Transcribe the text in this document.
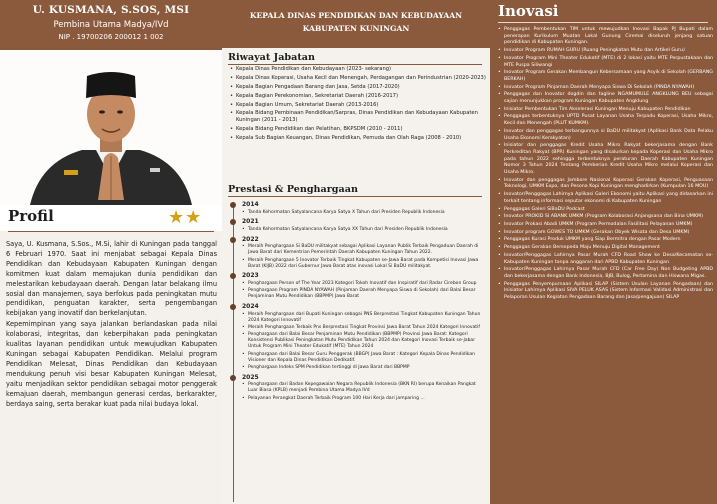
U. KUSMANA, S.SOS, MSI
Pembina Utama Madya/IVd
NIP . 19700206 200012 1 002
Profil	★★

Saya, U. Kusmana, S.Sos., M.Si, lahir di Kuningan pada tanggal 6 Februari 1970. Saat ini menjabat sebagai Kepala Dinas Pendidikan dan Kebudayaan Kabupaten Kuningan dengan komitmen kuat dalam memajukan dunia pendidikan dan melestarikan kebudayaan daerah. Dengan latar belakang ilmu sosial dan manajemen, saya berfokus pada peningkatan mutu pendidikan, penguatan karakter, serta pengembangan kebijakan yang inovatif dan berkelanjutan.

Kepemimpinan yang saya jalankan berlandaskan pada nilai kolaborasi, integritas, dan keberpihakan pada peningkatan kualitas layanan pendidikan untuk mewujudkan Kabupaten Kuningan sebagai Kabupaten Pendidikan. Melalui program Pendidikan Melesat, Dinas Pendidikan dan Kebudayaan mendukung penuh visi besar Kabupaten Kuningan Melesat, yaitu menjadikan sektor pendidikan sebagai motor penggerak kemajuan daerah, membangun generasi cerdas, berkarakter, berdaya saing, serta berakar kuat pada nilai budaya lokal.

KEPALA DINAS PENDIDIKAN DAN KEBUDAYAAN
KABUPATEN KUNINGAN
Riwayat Jabatan
• Kepala Dinas Pendidikan dan Kebudayaan (2023- sekarang)
• Kepala Dinas Koperasi, Usaha Kecil dan Menengah, Perdagangan dan Perindustrian (2020-2023)
• Kepala Bagian Pengadaan Barang dan Jasa, Setda (2017-2020)
• Kepala Bagian Perekonomian, Sekretariat Daerah (2016-2017)
• Kepala Bagian Umum, Sekretariat Daerah (2013-2016)
• Kepala Bidang Pembinaan Pendidikan/Sarpras, Dinas Pendidikan dan Kebudayaan Kabupaten Kuningan (2011 - 2013)
• Kepala Bidang Pendidikan dan Pelatihan, BKPSDM (2010 - 2011)
• Kepala Sub Bagian Keuangan, Dinas Pendidikan, Pemuda dan Olah Raga (2008 - 2010)
Prestasi & Penghargaan
2014
• Tanda Kehormatan Satyalancana Karya Satya X Tahun dari Presiden Republik Indonesia
2021
• Tanda Kehormatan Satyalancana Karya Satya XX Tahun dari Presiden Republik Indonesia
2022
• Meraih Penghargaan Si BaDU militakyat sebagai Aplikasi Layanan Publik Terbaik Pengaduan Daerah di Jawa Barat dari Kementrian Pemerintah Daerah Kabupaten Kuningan Tahun 2022.
• Meraih Penghargaan 5 Inovator Terbaik Tingkat Kabupaten se-Jawa Barat pada Kompetisi Inovasi Jawa Barat (KIJB) 2022 dari Gubernur Jawa Barat atas inovasi Lokal Si BaDU militakyat.
2023
• Penghargaan Person of The Year 2023 Kategori Tokoh Inovatif dan Inspiratif dari Radar Cirebon Group
• Penghargaan Program PINDA NYAWAH (Pinjaman Daerah Menyapa Siswa di Sekolah) dari Balai Besar Penjaminan Mutu Pendidikan (BBPMP) Jawa Barat
2024
• Meraih Penghargaan dari Bupati Kuningan sebagai PNS Berprestasi Tingkat Kabupaten Kuningan Tahun 2024 Kategori Innovatif
• Meraih Penghargaan Terbaik Pns Berprestasi Tingkat Provinsi Jawa Barat Tahun 2024 Kategori Innovatif
• Penghargaan dari Balai Besar Penjaminan Mutu Pendidikan (BBPMP) Provinsi Jawa Barat: Kategori Konsistensi Publikasi Peningkatan Mutu Pendidikan Tahun 2024 dan Kategori Inovasi Terbaik se-Jabar Untuk Program Mini Theater Edukatif (MTE) Tahun 2024
• Penghargaan dari Balai Besar Guru Penggerak (BBGP) Jawa Barat : Kategori Kepala Dinas Pendidikan Visioner dan Kepala Dinas Pendidikan Dedikatif.
• Penghargaan Indeks SPM Pendidikan tertinggi di Jawa Barat dari BBPMP
2025
• Penghargaan dari Badan Kepegawaian Negara Republik Indonesia (BKN RI) berupa Kenaikan Pangkat Luar Biasa (KPLB) menjadi Pembina Utama Madya IVd
• Pelayanan Perangkat Daerah Terbaik Program 100 Hari Kerja dari jamparing ...
Inovasi
• Penggagas Pembentukan TIM untuk mewujudkan Inovasi Bapak PJ Bupati dalam penerapan Kurikulum Muatan Lokal Gunung Ciremai diseluruh jenjang satuan pendidikan di Kabupaten Kuningan.
• Inovator Program RUMAH GURU (Ruang Peningkatan Mutu dan Artikel Guru)
• Inovator Program Mini Theater Edukatif (MTE) di 2 lokasi yaitu MTE Perpustakaan dan MTE Puspa Siliwangi
• Inovator Program Gerakan Membangun Kebersamaan yang Asyik di Sekolah (GERBANG BERKAH)
• Inovator Program Pinjaman Daerah Menyapa Siswa Di Sekolah (PINDA NYAWAH)
• Penggagas dan Inovator dogdin dan tagline NGAMUMULE ANGKLUNG BEU sebagai sajian menunjukkan program Kuningan Kabupaten Angklung
• Inisiator Pembentukan Tim Akselerasi Kuningan Menuju Kabupaten Pendidikan
• Penggagas terbentuknya UPTD Pusat Layanan Usaha Terpadu Koperasi, Usaha Mikro, Kecil dan Menengah (PLUT KUMKM).
• Inovator dan penggagas terbangunnya si BaDU militakyat (Aplikasi Bank Data Pelaku Usaha Ekonomi Kerakyatan)
• Inisiator dan penggagas Kredit Usaha Mikro Rakyat bekerjasama dengan Bank Perkreditan Rakyat (BPR) Kuningan yang disalurkan kepada Koperasi dan Usaha Mikro pada tahun 2022 sehingga terbentuknya peraturan Daerah Kabupaten Kuningan Nomor 3 Tahun 2024 Tentang Pemberian Kredit Usaha Mikro melalui Koperasi dan Usaha Mikro.
• Inovator dan penggagas Jambore Nasional Koperasi Gerakan Koperasi, Penguasaan Teknologi, UMKM Expo, dan Pesona Kopi Kuningan menghadirkan (Kumpulan 16 MOU)
• Inovator/Penggagas Lahirnya Aplikasi Galeri Ekonomi yaitu Aplikasi yang didasarkan ini terkait tentang informasi seputar ekonomi di Kabupaten Kuningan
• Penggagas Galeri SiBaDU Podcast
• Inovator PROKID SI ABANK UMKM (Program Kolaborasi Anjangsana dan Bina UMKM)
• Inovator Prokasi Abadi UMKM (Program Permodalan Fasilitasi Pelayanan UMKM)
• Inovator program GOWES TO UMKM (Gerakan Obyek Wisata dan Desa UMKM)
• Penggagas Kurasi Produk UMKM yang Siap Bermitra dengan Pasar Modern
• Penggagas Gerakan Bersepeda Maju Menuju Digital Management
• Inovator/Penggagas Lahirnya Pasar Murah CFD Road Show ke Desa/Kecamatan se-Kabupaten Kuningan tanpa anggaran dari APBD Kabupaten Kuningan
• Inovator/Penggagas Lahirnya Pasar Murah CFD (Car Free Day) Non Budgeting APBD dan bekerjasama dengan Bank Indonesia, BJB, Bulog, Pertamina dan Hiswana Migas.
• Penggagas Penyempurnaan Aplikasi SILAP (Sistem Usulan Layanan Pengadaan) dan Inisiator Lahirnya Aplikasi SIVA PELUK ASAS (Sistem Informasi Validasi Administrasi dan Pelaporan Usulan Kegiatan Pengadaan Barang dan Jasa/pengajuan) SILAP
